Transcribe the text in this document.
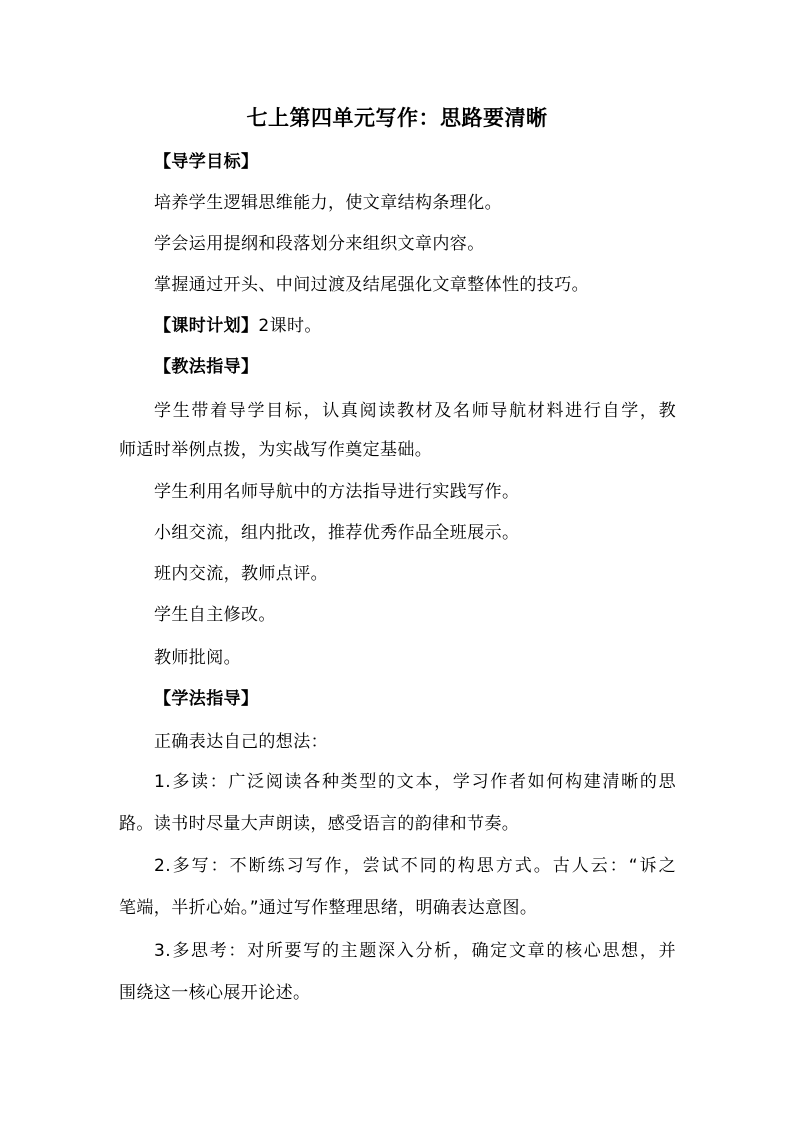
七上第四单元写作：思路要清晰
【导学目标】
培养学生逻辑思维能力，使文章结构条理化。
学会运用提纲和段落划分来组织文章内容。
掌握通过开头、中间过渡及结尾强化文章整体性的技巧。
【课时计划】2课时。
【教法指导】
学生带着导学目标，认真阅读教材及名师导航材料进行自学，教
师适时举例点拨，为实战写作奠定基础。
学生利用名师导航中的方法指导进行实践写作。
小组交流，组内批改，推荐优秀作品全班展示。
班内交流，教师点评。
学生自主修改。
教师批阅。
【学法指导】
正确表达自己的想法：
1.多读：广泛阅读各种类型的文本，学习作者如何构建清晰的思
路。读书时尽量大声朗读，感受语言的韵律和节奏。
2.多写：不断练习写作，尝试不同的构思方式。古人云：“诉之
笔端，半折心始。”通过写作整理思绪，明确表达意图。
3.多思考：对所要写的主题深入分析，确定文章的核心思想，并
围绕这一核心展开论述。
